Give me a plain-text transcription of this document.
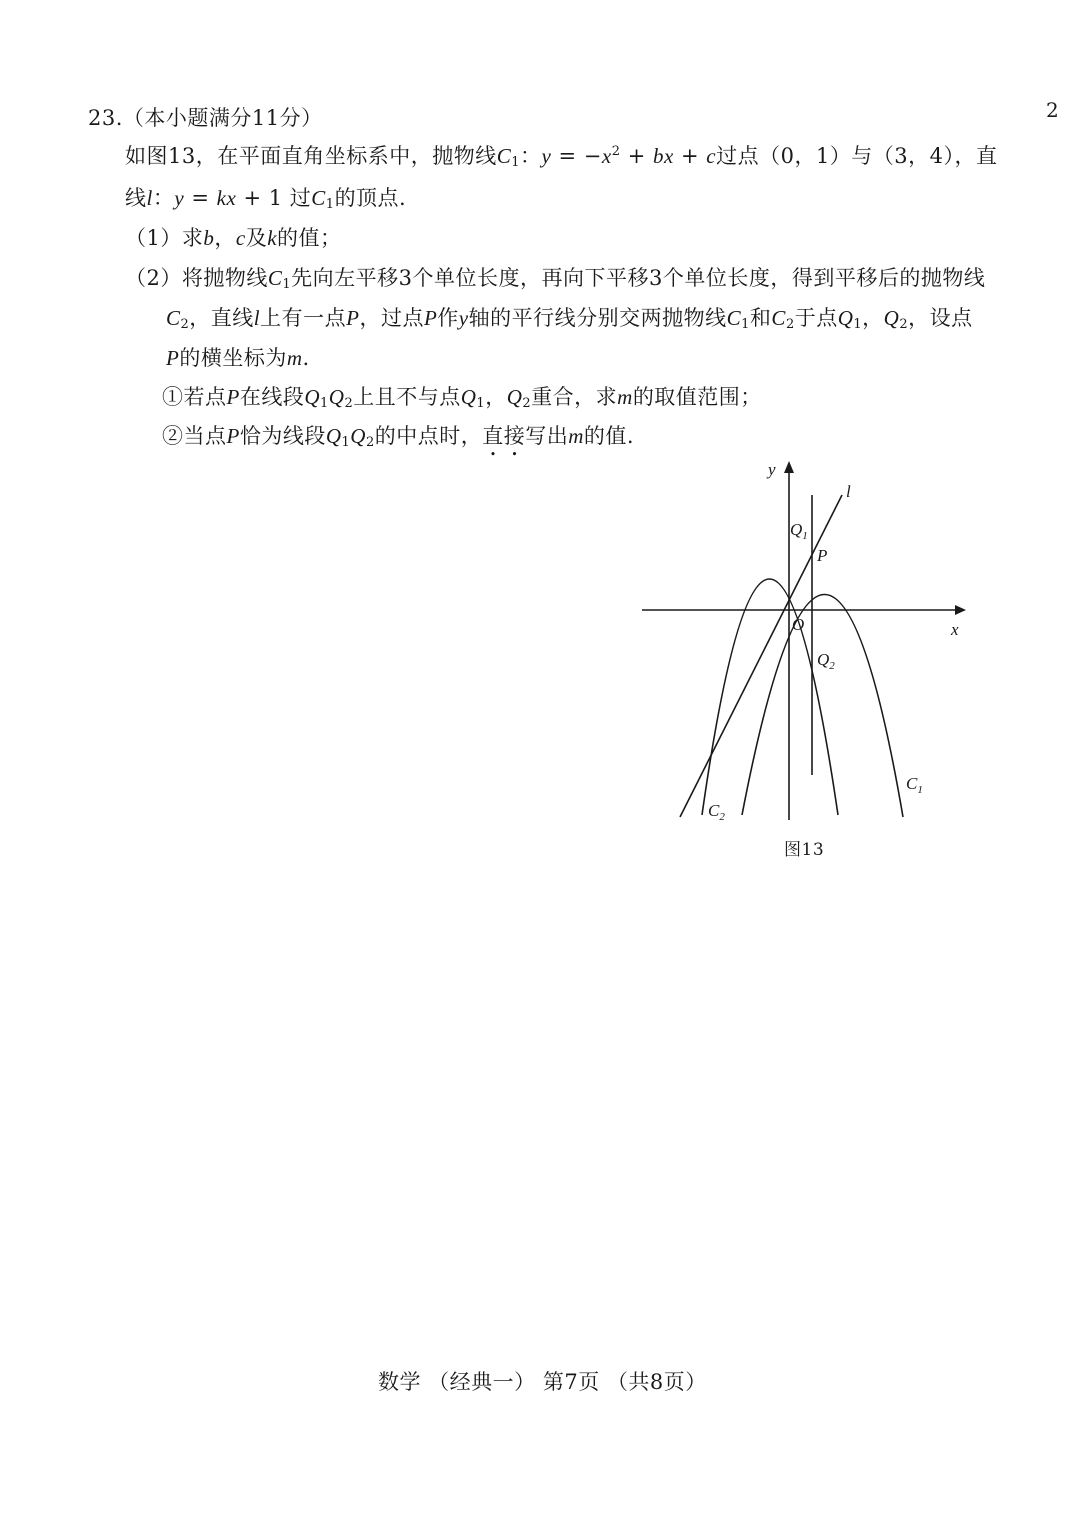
2
23.（本小题满分11分）
如图13，在平面直角坐标系中，抛物线$C_1$：$y = -x^2$ + bx + c过点（0，1）与（3，4），直
线l：y = kx + 1 过$C_1$的顶点.
（1）求b，c及k的值；
（2）将抛物线$C_1$先向左平移3个单位长度，再向下平移3个单位长度，得到平移后的抛物线
$C_2$，直线l上有一点P，过点P作y轴的平行线分别交两抛物线$C_1$和$C_2$于点$Q_1$，$Q_2$，设点
P的横坐标为m.
①若点P在线段$Q_1Q_2$上且不与点$Q_1$，$Q_2$重合，求m的取值范围；
②当点P恰为线段$Q_1Q_2$的中点时，直接写出m的值.
y
l
$Q_1$
P
O	x
$Q_2$
$C_1$
$C_2$
图13
数学 （经典一） 第7页 （共8页）
